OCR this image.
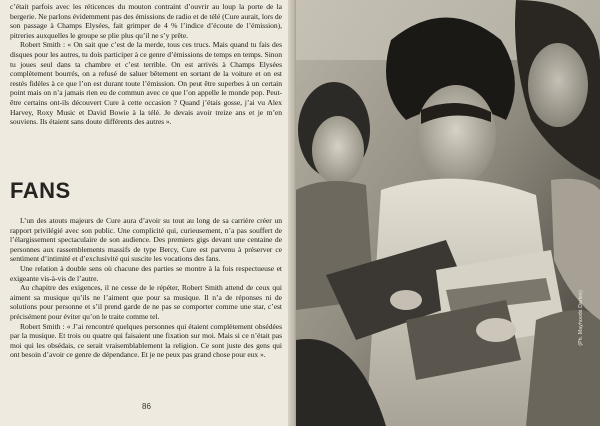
c’était parfois avec les réticences du mouton contraint d’ouvrir au loup la porte de la bergerie. Ne parlons évidemment pas des émissions de radio et de télé (Cure aurait, lors de son passage à Champs Elysées, fait grimper de 4 % l’indice d’écoute de l’émission), pitreries auxquelles le groupe se plie plus qu’il ne s’y prête.

Robert Smith : « On sait que c’est de la merde, tous ces trucs. Mais quand tu fais des disques pour les autres, tu dois participer à ce genre d’émissions de temps en temps. Sinon tu joues seul dans ta chambre et c’est terrible. On est arrivés à Champs Elysées complètement bourrés, on a refusé de saluer bêtement en sortant de la voiture et on est restés fidèles à ce que l’on est durant toute l’émission. On peut être superbes à un certain point mais on n’a jamais rien eu de commun avec ce que l’on appelle le monde pop. Peut-être certains ont-ils découvert Cure à cette occasion ? Quand j’étais gosse, j’ai vu Alex Harvey, Roxy Music et David Bowie à la télé. Je devais avoir treize ans et je m’en souviens. Ils étaient sans doute différents des autres ».

FANS

L’un des atouts majeurs de Cure aura d’avoir su tout au long de sa carrière créer un rapport privilégié avec son public. Une complicité qui, curieusement, n’a pas souffert de l’élargissement spectaculaire de son audience. Des premiers gigs devant une centaine de personnes aux rassemblements massifs de type Bercy, Cure est parvenu à préserver ce sentiment d’intimité et d’exclusivité qui suscite les vocations des fans.

Une relation à double sens où chacune des parties se montre à la fois respectueuse et exigeante vis-à-vis de l’autre.

Au chapitre des exigences, il ne cesse de le répéter, Robert Smith attend de ceux qui aiment sa musique qu’ils ne l’aiment que pour sa musique. Il n’a de réponses ni de solutions pour personne et s’il prend garde de ne pas se comporter comme une star, c’est précisément pour éviter qu’on le traite comme tel.

Robert Smith : « J’ai rencontré quelques personnes qui étaient complètement obsédées par la musique. Et trois ou quatre qui faisaient une fixation sur moi. Mais si ce n’était pas moi qui les obsédais, ce serait vraisemblablement la religion. Ce sont juste des gens qui ont besoin d’avoir ce genre de dépendance. Et je ne peux pas grand chose pour eux ».

86
(Ph. Mayhoods Darlee)
